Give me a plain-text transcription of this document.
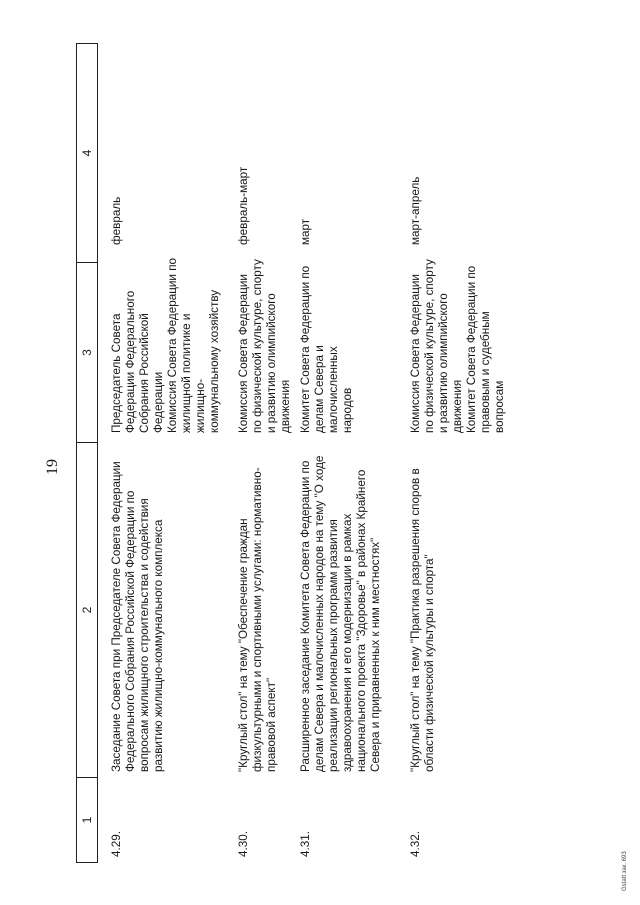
19
1
2
3
4
4.29.
Заседание Совета при Председателе Совета Федерации
Федерального Собрания Российской Федерации по
вопросам жилищного строительства и содействия
развитию жилищно-коммунального комплекса
Председатель Совета
Федерации Федерального
Собрания Российской
Федерации
Комиссия Совета Федерации по
жилищной политике и жилищно-
коммунальному хозяйству
февраль
4.30.
"Круглый стол" на тему "Обеспечение граждан
физкультурными и спортивными услугами: нормативно-
правовой аспект"
Комиссия Совета Федерации
по физической культуре, спорту
и развитию олимпийского
движения
февраль-март
4.31.
Расширенное заседание Комитета Совета Федерации по
делам Севера и малочисленных народов на тему "О ходе
реализации региональных программ развития
здравоохранения и его модернизации в рамках
национального проекта "Здоровье" в районах Крайнего
Севера и приравненных к ним местностях"
Комитет Совета Федерации по
делам Севера и малочисленных
народов
март
4.32.
"Круглый стол" на тему "Практика разрешения споров в
области физической культуры и спорта"
Комиссия Совета Федерации
по физической культуре, спорту
и развитию олимпийского
движения
Комитет Совета Федерации по
правовым и судебным
вопросам
март-апрель
Gstatt зак. 693
